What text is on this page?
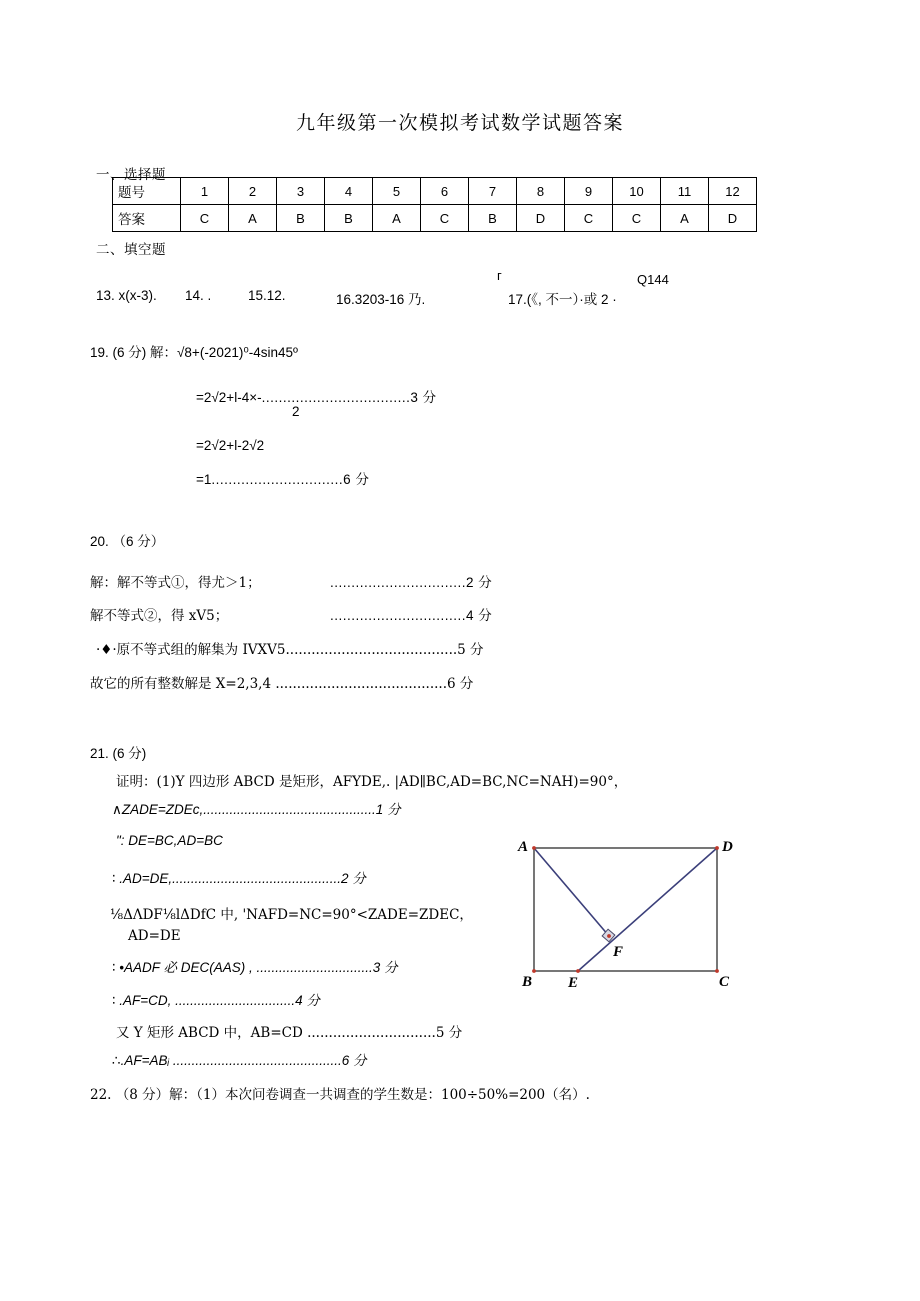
九年级第一次模拟考试数学试题答案
一、选择题
题号	1	2	3	4	5	6	7	8	9	10	11	12
答案	C	A	B	B	A	C	B	D	C	C	A	D
二、填空题
13. x(x-3). 14. .	15.12.	16.3203-16 乃.	17.(《, 不一）·或 2 ·
Q144
г
19. (6 分) 解：√8+(-2021)⁰-4sin45º
=2√2+l-4×-...................................3 分
2
=2√2+l-2√2
=1...............................6 分
20. （6 分）
解：解不等式①，得尤＞1；	................................2 分
解不等式②，得 xV5；	................................4 分
·♦·原不等式组的解集为 IVXV5........................................5 分
故它的所有整数解是 X=2,3,4 ........................................6 分
21. (6 分)
证明：(1)Y 四边形 ABCD 是矩形，AFYDE,. |AD∥BC,AD=BC,NC=NAH)=90°，
∧ZADE=ZDEc,..............................................1 分
": DE=BC,AD=BC
∶ .AD=DE,.............................................2 分
⅛ΔΛDF⅛lΔDfC 中, 'NAFD=NC=90°<ZADE=ZDEC，
AD=DE
∶ •AADF 必 DEC(AAS) , ...............................3 分
∶ .AF=CD, ................................4 分
又 Y 矩形 ABCD 中，AB=CD ..............................5 分
∴.AF=ABᵢ .............................................6 分
22. （8 分）解：（1）本次问卷调查一共调查的学生数是：100÷50%=200（名）.
A	D
B E	C
F
